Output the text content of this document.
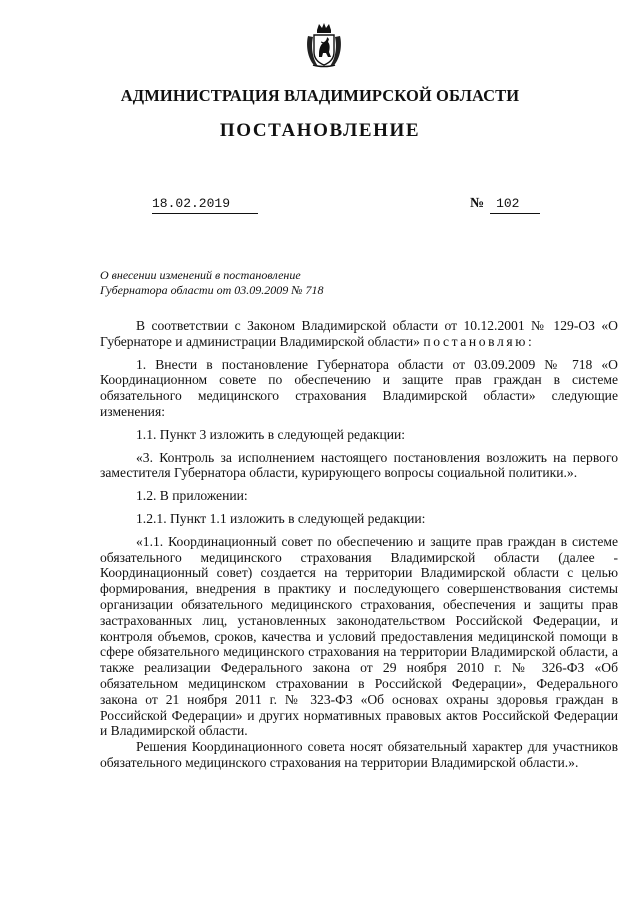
АДМИНИСТРАЦИЯ ВЛАДИМИРСКОЙ ОБЛАСТИ
ПОСТАНОВЛЕНИЕ
18.02.2019	№ 102
О внесении изменений в постановление
Губернатора области от 03.09.2009 № 718

В соответствии с Законом Владимирской области от 10.12.2001 № 129-ОЗ «О Губернаторе и администрации Владимирской области» постановляю:

1. Внести в постановление Губернатора области от 03.09.2009 № 718 «О Координационном совете по обеспечению и защите прав граждан в системе обязательного медицинского страхования Владимирской области» следующие изменения:

1.1. Пункт 3 изложить в следующей редакции:

«3. Контроль за исполнением настоящего постановления возложить на первого заместителя Губернатора области, курирующего вопросы социальной политики.».

1.2. В приложении:

1.2.1. Пункт 1.1 изложить в следующей редакции:

«1.1. Координационный совет по обеспечению и защите прав граждан в системе обязательного медицинского страхования Владимирской области (далее - Координационный совет) создается на территории Владимирской области с целью формирования, внедрения в практику и последующего совершенствования системы организации обязательного медицинского страхования, обеспечения и защиты прав застрахованных лиц, установленных законодательством Российской Федерации, и контроля объемов, сроков, качества и условий предоставления медицинской помощи в сфере обязательного медицинского страхования на территории Владимирской области, а также реализации Федерального закона от 29 ноября 2010 г. № 326-ФЗ «Об обязательном медицинском страховании в Российской Федерации», Федерального закона от 21 ноября 2011 г. № 323-ФЗ «Об основах охраны здоровья граждан в Российской Федерации» и других нормативных правовых актов Российской Федерации и Владимирской области.

Решения Координационного совета носят обязательный характер для участников обязательного медицинского страхования на территории Владимирской области.».
